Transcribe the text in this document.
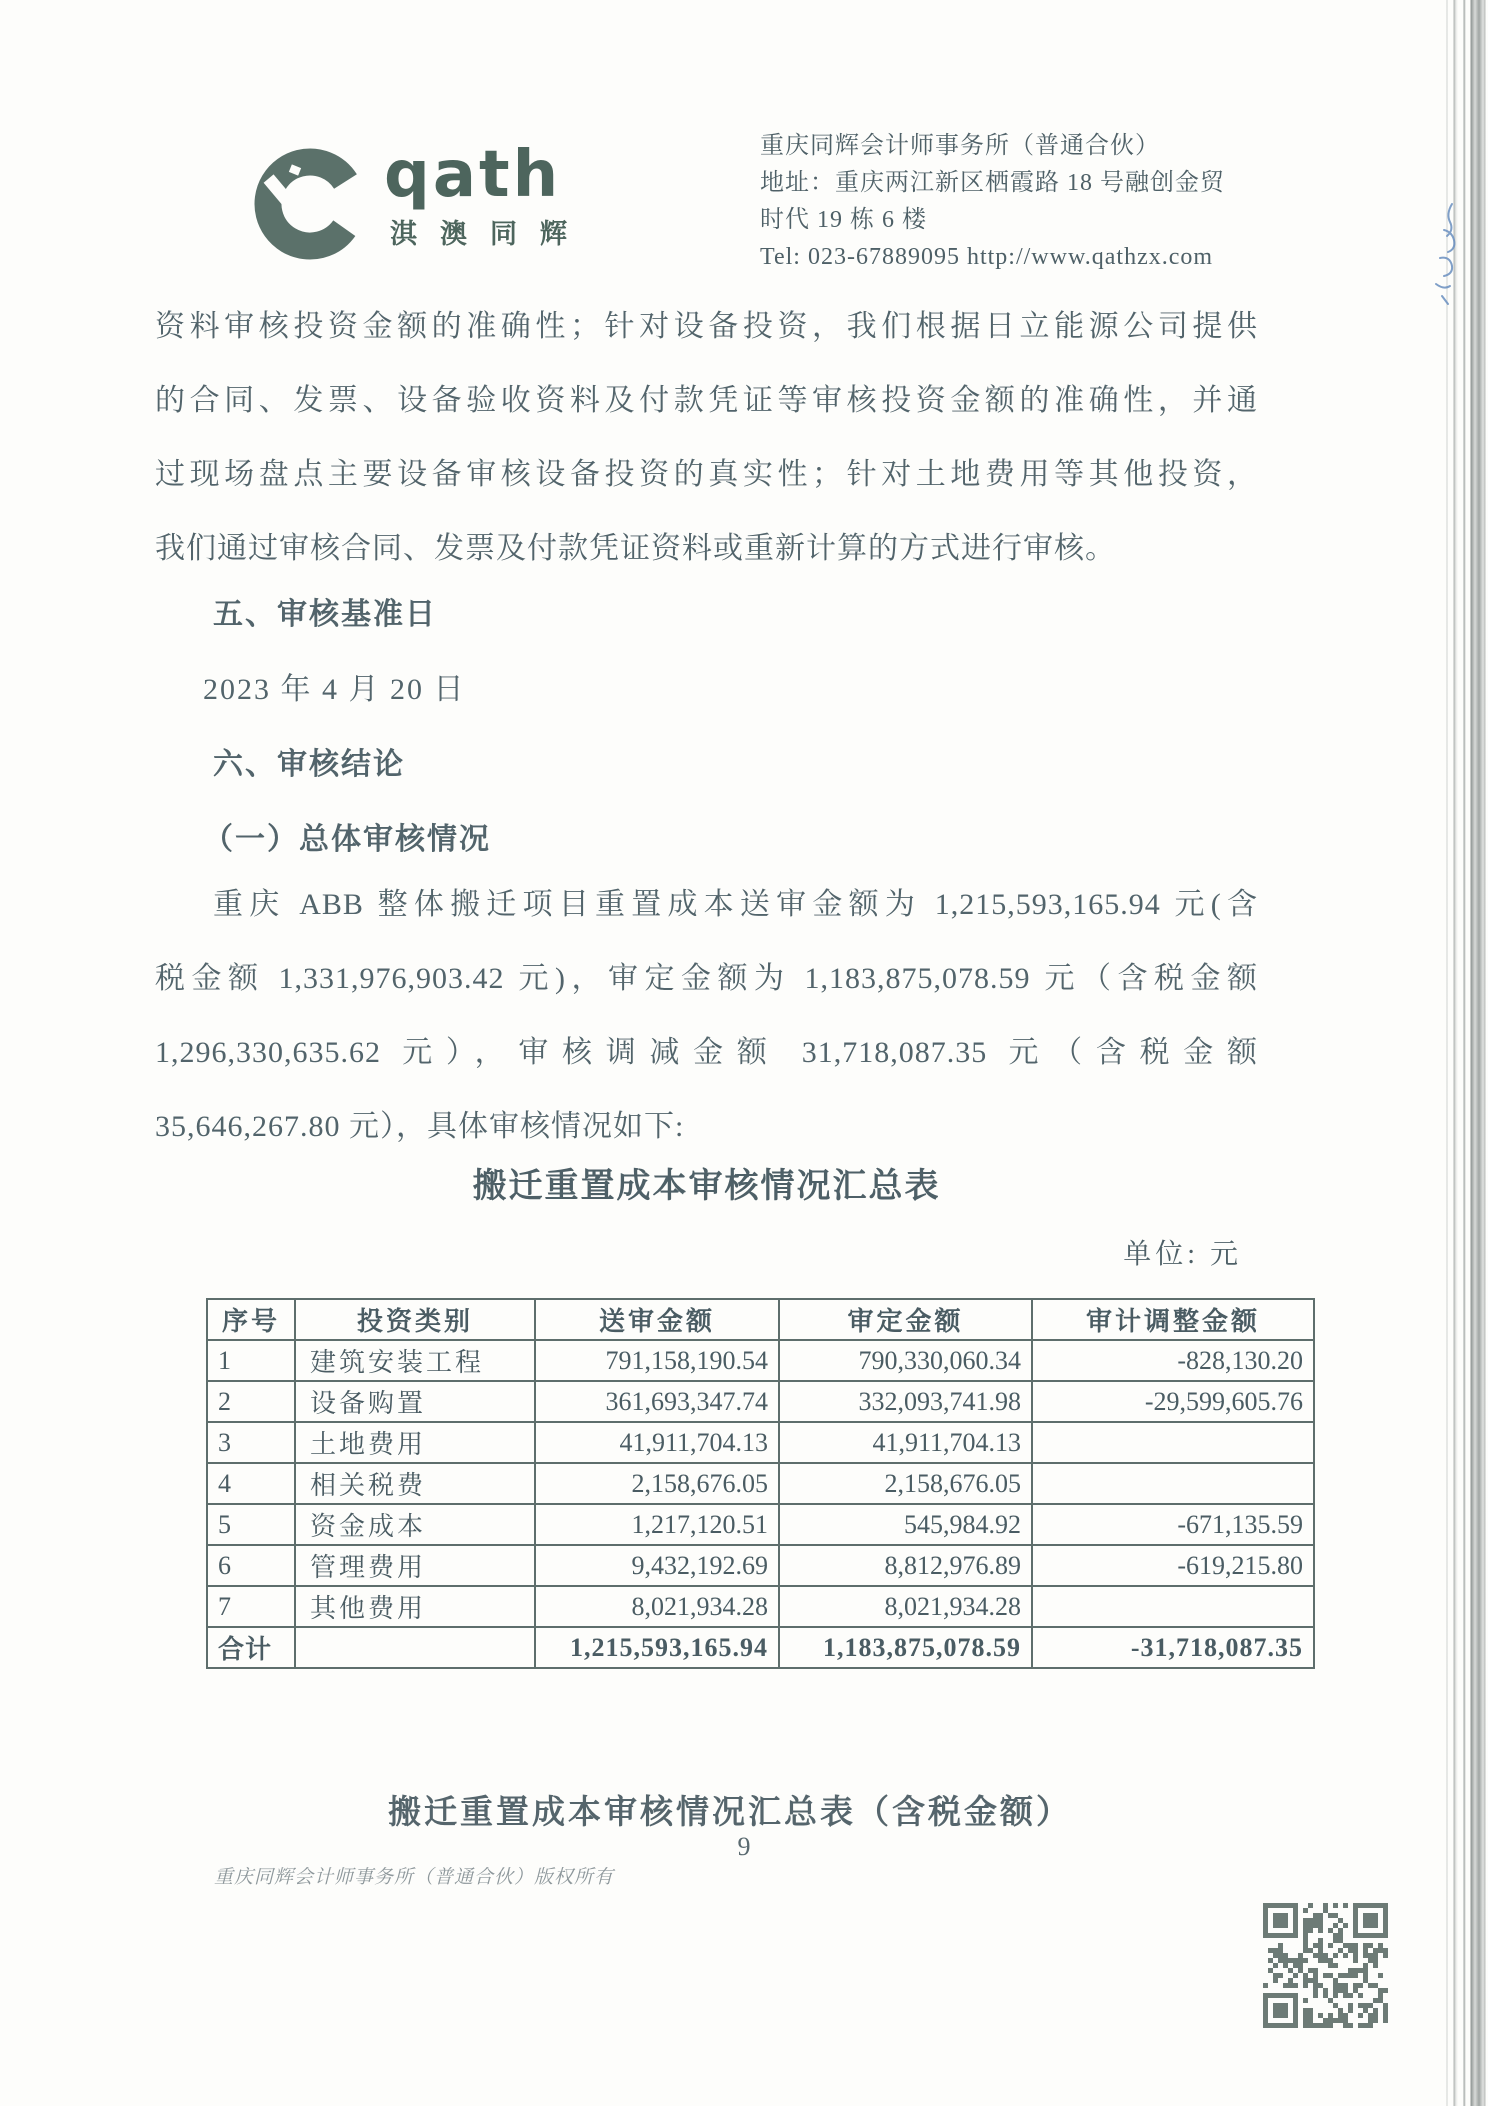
qath
淇澳同辉
重庆同辉会计师事务所（普通合伙）
地址：重庆两江新区栖霞路 18 号融创金贸
时代 19 栋 6 楼
Tel: 023-67889095 http://www.qathzx.com
资料审核投资金额的准确性；针对设备投资，我们根据日立能源公司提供
的合同、发票、设备验收资料及付款凭证等审核投资金额的准确性，并通
过现场盘点主要设备审核设备投资的真实性；针对土地费用等其他投资，
我们通过审核合同、发票及付款凭证资料或重新计算的方式进行审核。
五、审核基准日
2023 年 4 月 20 日
六、审核结论
（一）总体审核情况
重庆 ABB 整体搬迁项目重置成本送审金额为 1,215,593,165.94 元(含
税金额 1,331,976,903.42 元)，审定金额为 1,183,875,078.59 元（含税金额
1,296,330,635.62 元），审核调减金额 31,718,087.35 元（含税金额
35,646,267.80 元），具体审核情况如下:
搬迁重置成本审核情况汇总表
单位: 元
序号	投资类别	送审金额	审定金额	审计调整金额
1	建筑安装工程	791,158,190.54	790,330,060.34	-828,130.20
2	设备购置	361,693,347.74	332,093,741.98	-29,599,605.76
3	土地费用	41,911,704.13	41,911,704.13	
4	相关税费	2,158,676.05	2,158,676.05	
5	资金成本	1,217,120.51	545,984.92	-671,135.59
6	管理费用	9,432,192.69	8,812,976.89	-619,215.80
7	其他费用	8,021,934.28	8,021,934.28	
合计		1,215,593,165.94	1,183,875,078.59	-31,718,087.35
搬迁重置成本审核情况汇总表（含税金额）
9
重庆同辉会计师事务所（普通合伙）版权所有
